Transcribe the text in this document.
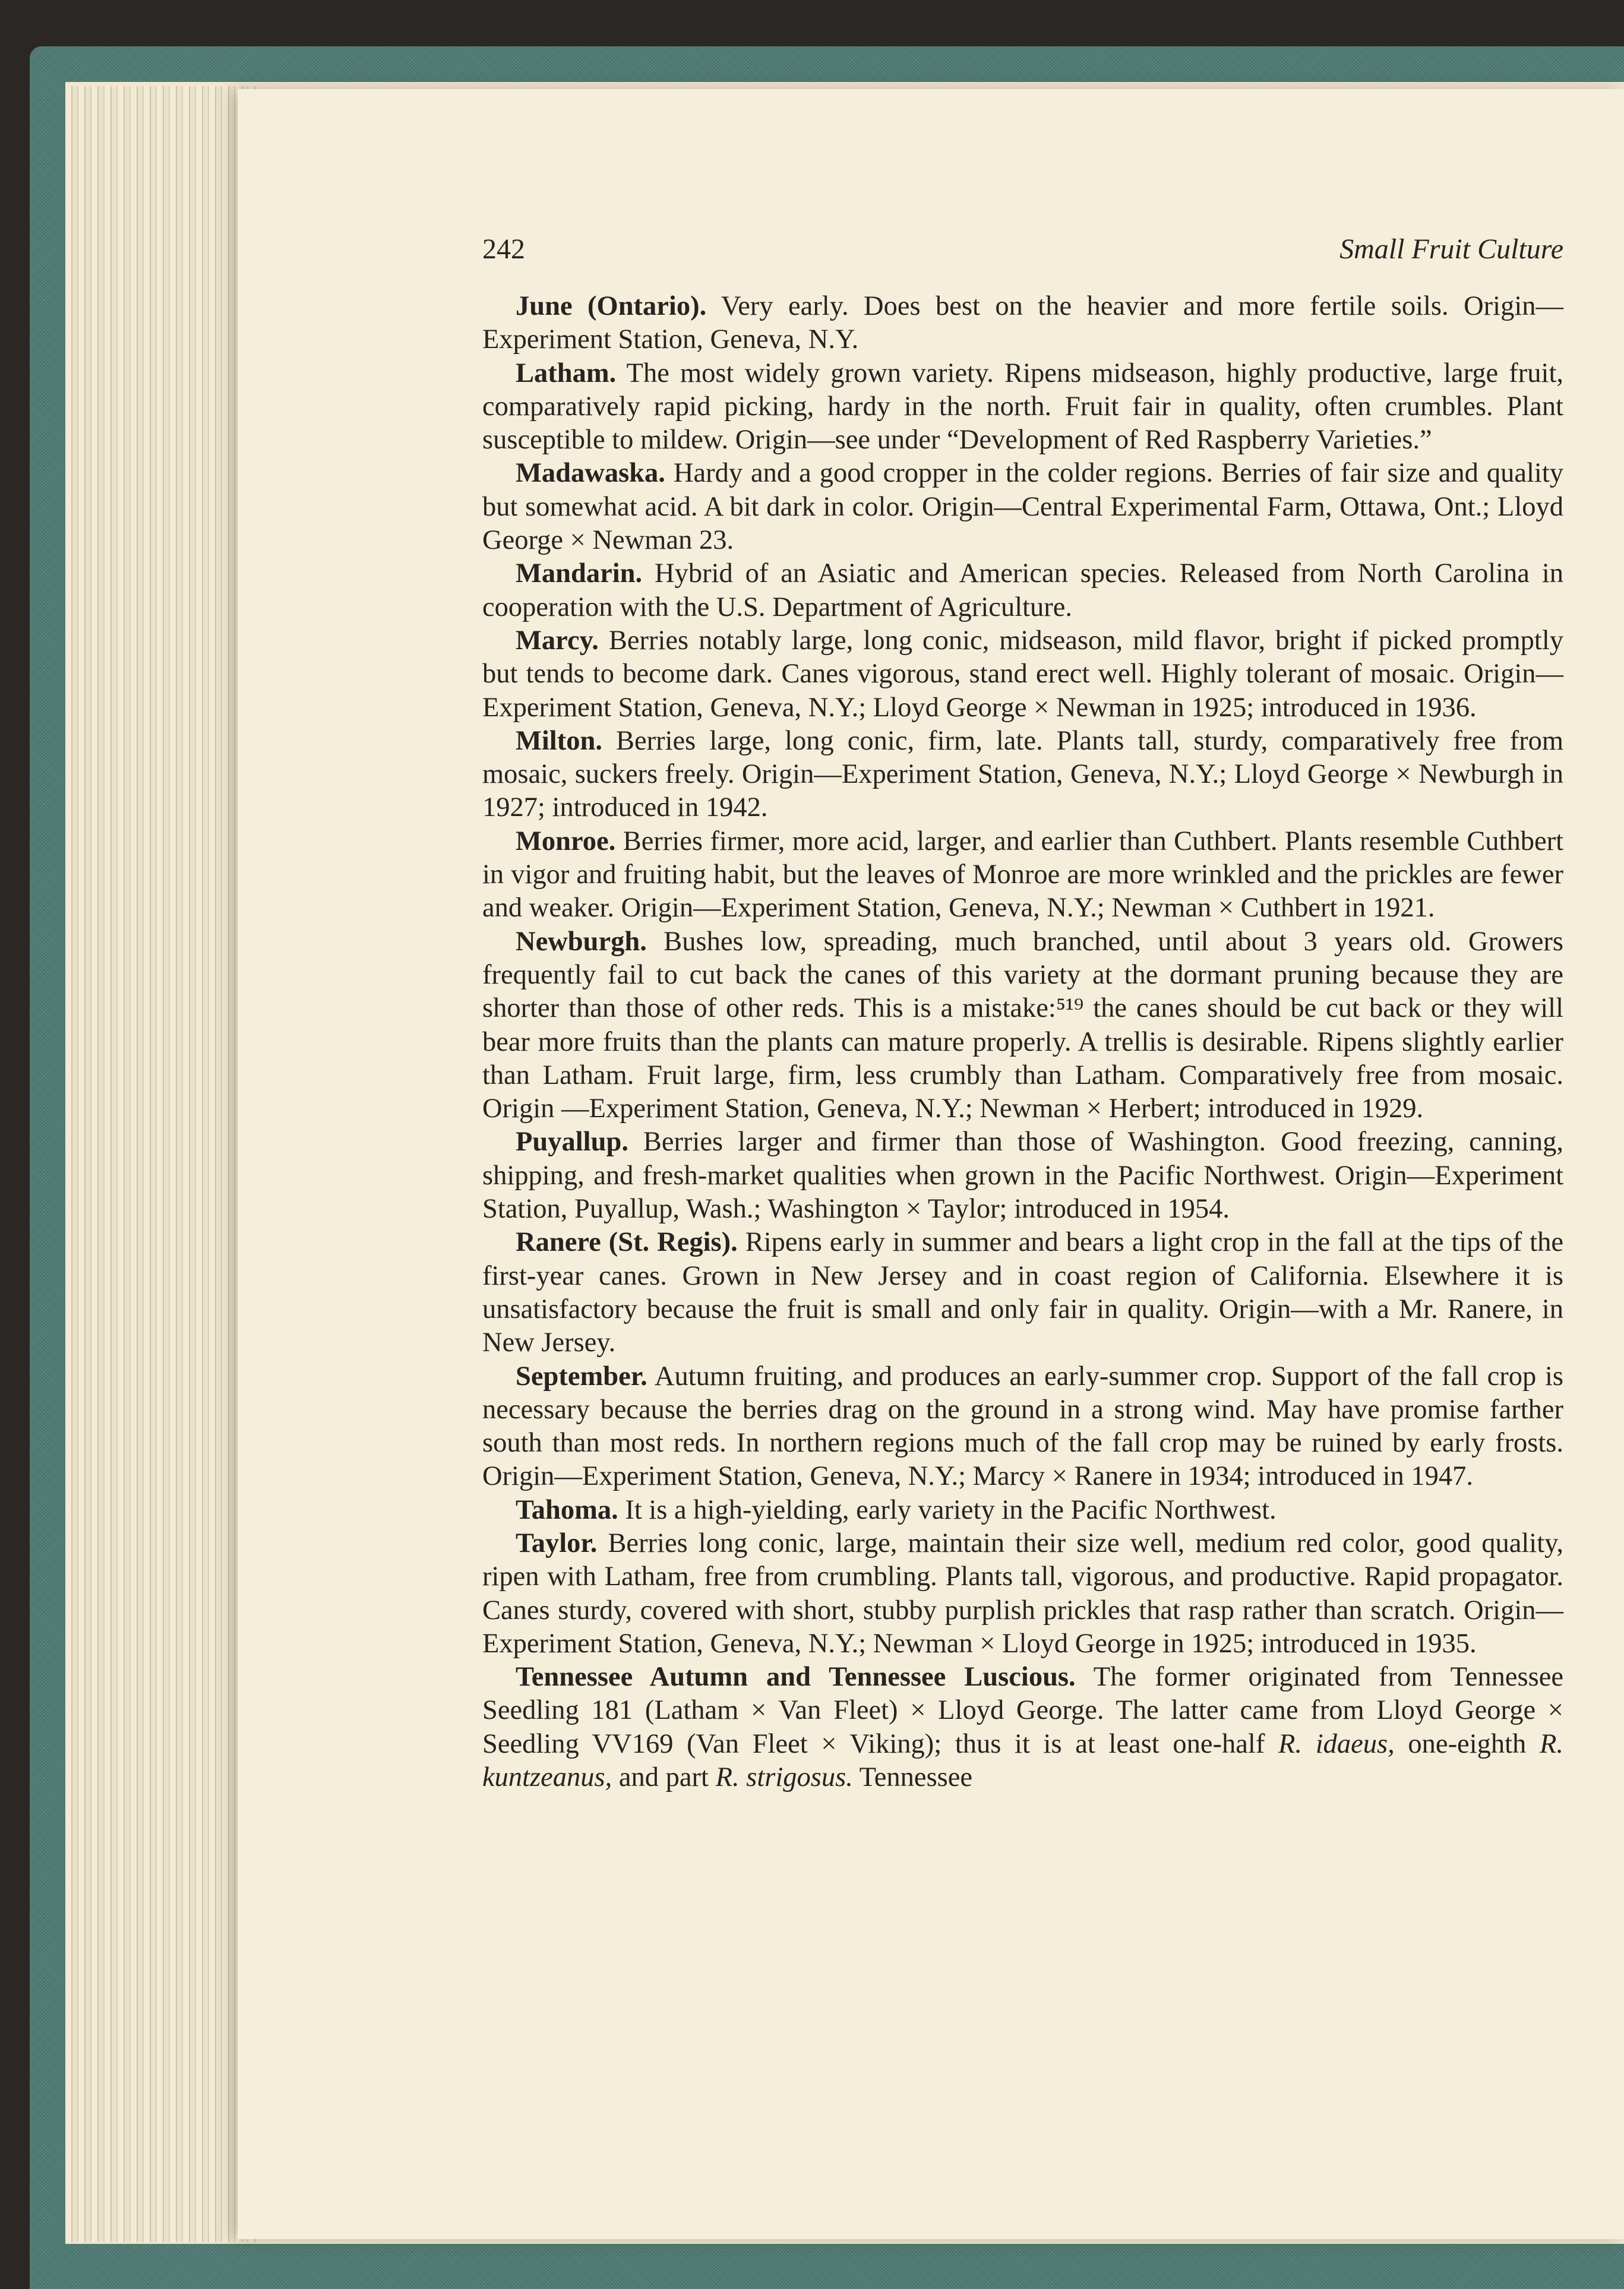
242	Small Fruit Culture

June (Ontario). Very early. Does best on the heavier and more fertile soils. Origin—Experiment Station, Geneva, N.Y.

Latham. The most widely grown variety. Ripens midseason, highly productive, large fruit, comparatively rapid picking, hardy in the north. Fruit fair in quality, often crumbles. Plant susceptible to mildew. Origin—see under “Development of Red Raspberry Varieties.”

Madawaska. Hardy and a good cropper in the colder regions. Berries of fair size and quality but somewhat acid. A bit dark in color. Origin—Central Experimental Farm, Ottawa, Ont.; Lloyd George × Newman 23.

Mandarin. Hybrid of an Asiatic and American species. Released from North Carolina in cooperation with the U.S. Department of Agriculture.

Marcy. Berries notably large, long conic, midseason, mild flavor, bright if picked promptly but tends to become dark. Canes vigorous, stand erect well. Highly tolerant of mosaic. Origin—Experiment Station, Geneva, N.Y.; Lloyd George × Newman in 1925; introduced in 1936.

Milton. Berries large, long conic, firm, late. Plants tall, sturdy, comparatively free from mosaic, suckers freely. Origin—Experiment Station, Geneva, N.Y.; Lloyd George × Newburgh in 1927; introduced in 1942.

Monroe. Berries firmer, more acid, larger, and earlier than Cuthbert. Plants resemble Cuthbert in vigor and fruiting habit, but the leaves of Monroe are more wrinkled and the prickles are fewer and weaker. Origin—Experiment Station, Geneva, N.Y.; Newman × Cuthbert in 1921.

Newburgh. Bushes low, spreading, much branched, until about 3 years old. Growers frequently fail to cut back the canes of this variety at the dormant pruning because they are shorter than those of other reds. This is a mistake:⁵¹⁹ the canes should be cut back or they will bear more fruits than the plants can mature properly. A trellis is desirable. Ripens slightly earlier than Latham. Fruit large, firm, less crumbly than Latham. Comparatively free from mosaic. Origin —Experiment Station, Geneva, N.Y.; Newman × Herbert; introduced in 1929.

Puyallup. Berries larger and firmer than those of Washington. Good freezing, canning, shipping, and fresh-market qualities when grown in the Pacific Northwest. Origin—Experiment Station, Puyallup, Wash.; Washington × Taylor; introduced in 1954.

Ranere (St. Regis). Ripens early in summer and bears a light crop in the fall at the tips of the first-year canes. Grown in New Jersey and in coast region of California. Elsewhere it is unsatisfactory because the fruit is small and only fair in quality. Origin—with a Mr. Ranere, in New Jersey.

September. Autumn fruiting, and produces an early-summer crop. Support of the fall crop is necessary because the berries drag on the ground in a strong wind. May have promise farther south than most reds. In northern regions much of the fall crop may be ruined by early frosts. Origin—Experiment Station, Geneva, N.Y.; Marcy × Ranere in 1934; introduced in 1947.

Tahoma. It is a high-yielding, early variety in the Pacific Northwest.

Taylor. Berries long conic, large, maintain their size well, medium red color, good quality, ripen with Latham, free from crumbling. Plants tall, vigorous, and productive. Rapid propagator. Canes sturdy, covered with short, stubby purplish prickles that rasp rather than scratch. Origin—Experiment Station, Geneva, N.Y.; Newman × Lloyd George in 1925; introduced in 1935.

Tennessee Autumn and Tennessee Luscious. The former originated from Tennessee Seedling 181 (Latham × Van Fleet) × Lloyd George. The latter came from Lloyd George × Seedling VV169 (Van Fleet × Viking); thus it is at least one-half R. idaeus, one-eighth R. kuntzeanus, and part R. strigosus. Tennessee
